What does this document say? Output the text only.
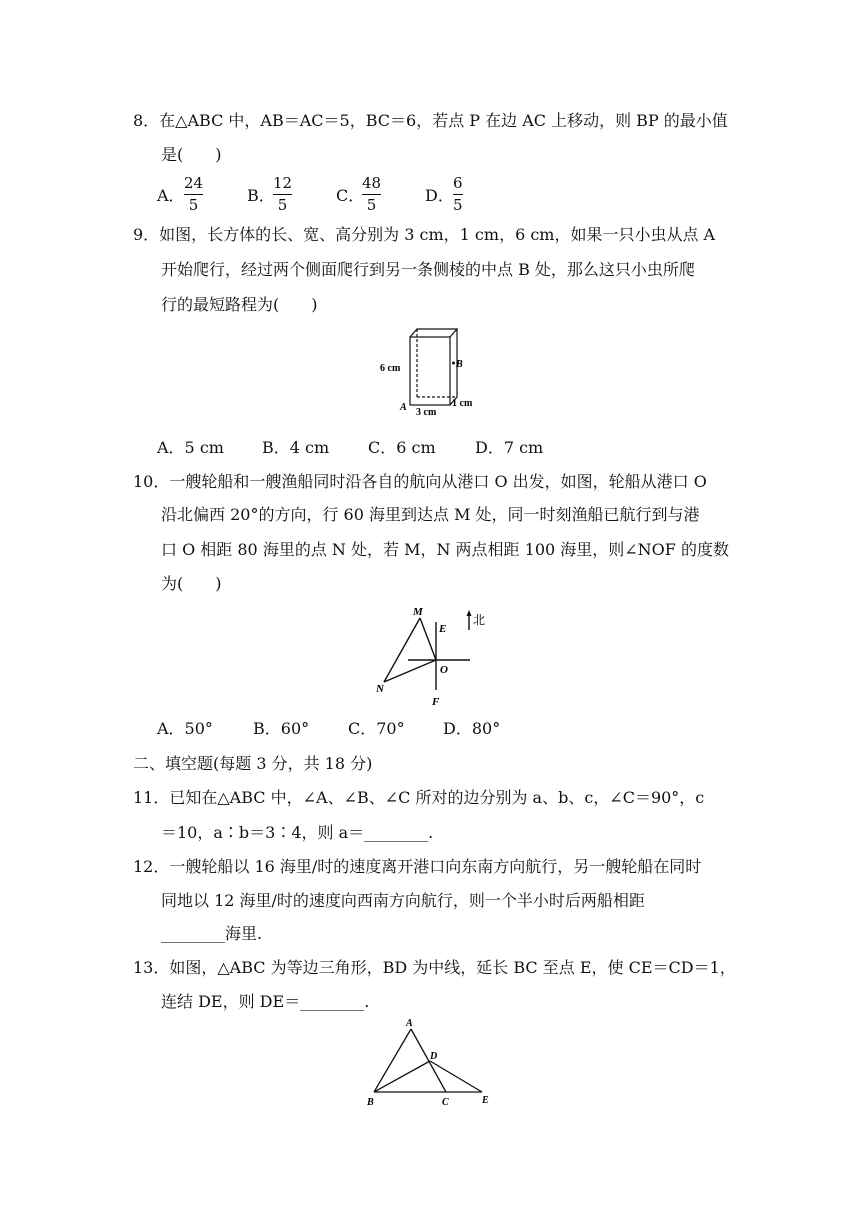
8．在△ABC 中，AB＝AC＝5，BC＝6，若点 P 在边 AC 上移动，则 BP 的最小值
是(　　)
A．
24
5	B．
12
5	C．
48
5	D．
6
5
9．如图，长方体的长、宽、高分别为 3 cm，1 cm，6 cm，如果一只小虫从点 A
开始爬行，经过两个侧面爬行到另一条侧棱的中点 B 处，那么这只小虫所爬
行的最短路程为(　　)
6 cm	B
A 3 cm
1 cm
A．5 cm B．4 cm C．6 cm D．7 cm
10．一艘轮船和一艘渔船同时沿各自的航向从港口 O 出发，如图，轮船从港口 O
沿北偏西 20°的方向，行 60 海里到达点 M 处，同一时刻渔船已航行到与港
口 O 相距 80 海里的点 N 处，若 M，N 两点相距 100 海里，则∠NOF 的度数
为(　　)
M
E
北
O
N
F
A．50°	B．60° C．70° D．80°
二、填空题(每题 3 分，共 18 分)
11．已知在△ABC 中，∠A、∠B、∠C 所对的边分别为 a、b、c，∠C＝90°，c
＝10，a∶b＝3∶4，则 a＝________.
12．一艘轮船以 16 海里/时的速度离开港口向东南方向航行，另一艘轮船在同时
同地以 12 海里/时的速度向西南方向航行，则一个半小时后两船相距
________海里.
13．如图，△ABC 为等边三角形，BD 为中线，延长 BC 至点 E，使 CE＝CD＝1，
连结 DE，则 DE＝________.
A
D
B	C	E
